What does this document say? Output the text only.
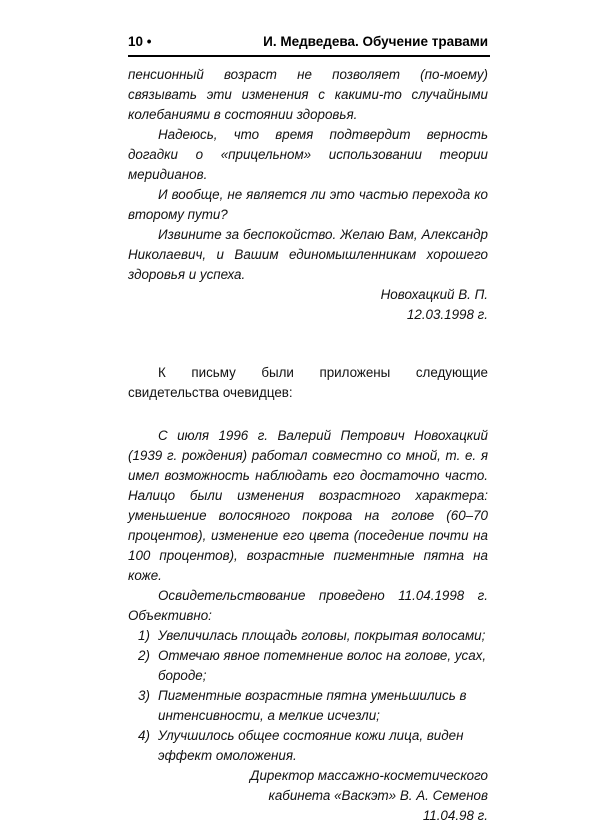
10 •	И. Медведева. Обучение травами

пенсионный возраст не позволяет (по-моему) связывать эти изменения с какими-то случайными колебаниями в состоянии здоровья.

Надеюсь, что время подтвердит верность догадки о «прицельном» использовании теории меридианов.

И вообще, не является ли это частью перехода ко второму пути?

Извините за беспокойство. Желаю Вам, Александр Николаевич, и Вашим единомышленникам хорошего здоровья и успеха.

Новохацкий В. П.

12.03.1998 г.

К письму были приложены следующие свидетельства очевидцев:

С июля 1996 г. Валерий Петрович Новохацкий (1939 г. рождения) работал совместно со мной, т. е. я имел возможность наблюдать его достаточно часто. Налицо были изменения возрастного характера: уменьшение волосяного покрова на голове (60–70 процентов), изменение его цвета (поседение почти на 100 процентов), возрастные пигментные пятна на коже.

Освидетельствование проведено 11.04.1998 г. Объективно:

1) Увеличилась площадь головы, покрытая волосами;
2) Отмечаю явное потемнение волос на голове, усах, бороде;
3) Пигментные возрастные пятна уменьшились в интенсивности, а мелкие исчезли;
4) Улучшилось общее состояние кожи лица, виден эффект омоложения.

Директор массажно-косметического кабинета «Васкэт» В. А. Семенов

11.04.98 г.
